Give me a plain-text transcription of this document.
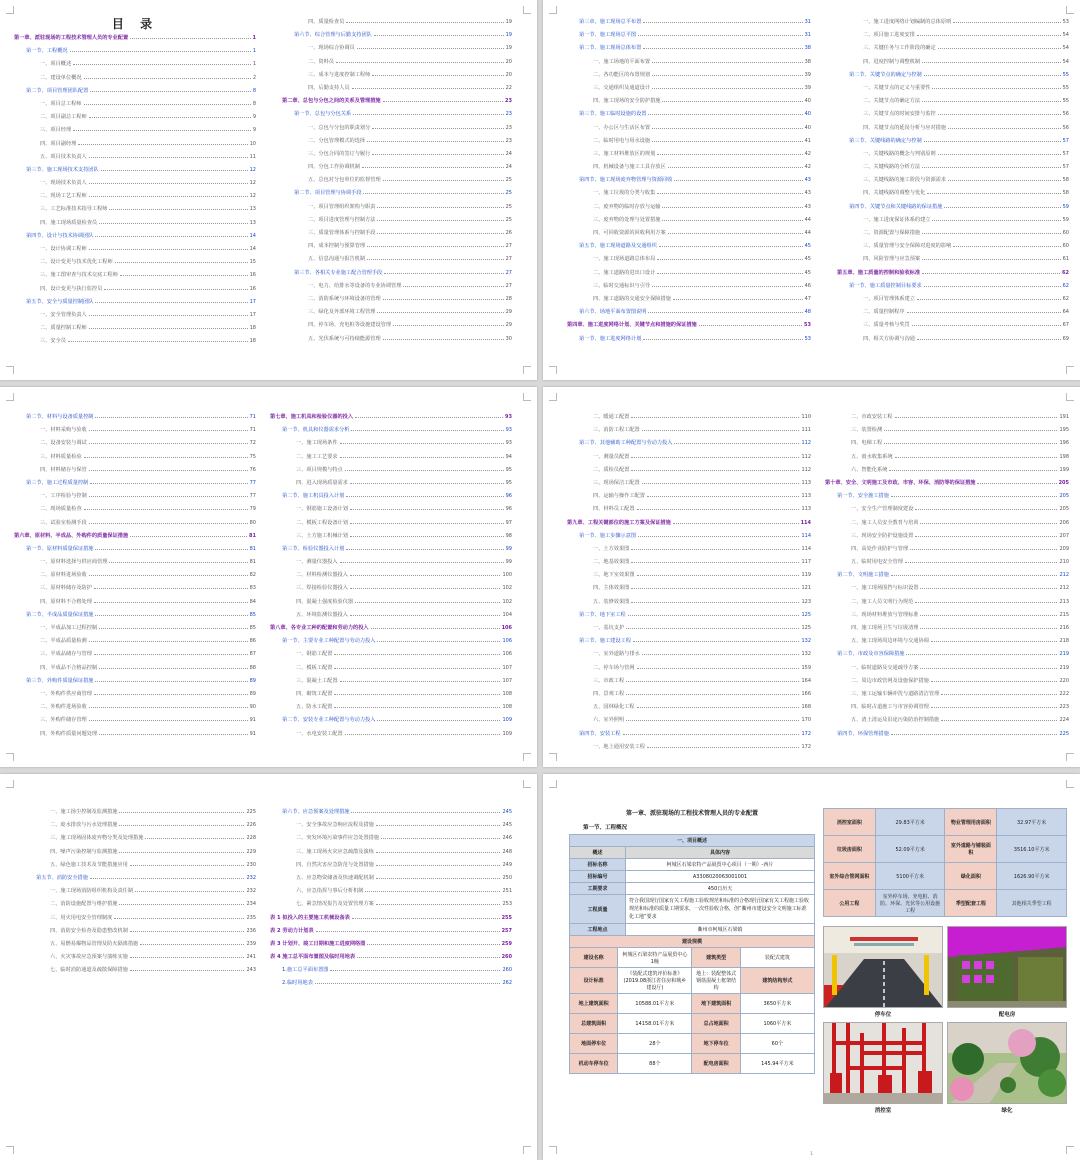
目 录
第一章、派驻现场的工程技术管理人员的专业配置	1
第一节、工程概况	1
一、项目概述	1
二、建设单位概况	2
第二节、项目管理团队配置	8
一、项目总工程师	8
二、项目副总工程师	9
三、项目经理	9
四、项目副经理	10
五、项目技术负责人	11
第三节、施工现场技术支持团队	12
一、现场技术负责人	12
二、现场工艺工程师	12
三、工艺标准技术指导工程师	13
四、施工现场质量检查员	13
第四节、设计与技术协调团队	14
一、设计协调工程师	14
二、设计变更与技术优化工程师	15
三、施工图审查与技术交底工程师	16
四、设计变更与执行监控员	16
第五节、安全与质量控制团队	17
一、安全管理负责人	17
二、质量控制工程师	18
三、安全员	18
四、质量检查员	19
第六节、综合管理与后勤支持团队	19
一、现场综合协调员	19
二、资料员	20
三、成本与进度控制工程师	20
四、后勤支持人员	22
第二章、总包与分包之间的关系及管理措施	23
第一节、总包与分包关系	23
一、总包与分包的职责划分	23
二、分包管理模式的选择	23
三、分包合同的签订与履行	24
四、分包工作协调机制	24
五、总包对分包单位的监督管理	25
第二节、项目管理与协调手段	25
一、项目管理组织架构与职责	25
二、项目进度管理与控制方法	25
三、质量管理体系与控制手段	26
四、成本控制与预算管理	27
五、信息沟通与报告机制	27
第三节、各相关专业施工配合管理手段	27
一、电力、给排水等设备的专业协调管理	27
二、消防系统与环境设备的管理	28
三、绿化及外部环境工程管理	29
四、停车场、充电桩等设施建设管理	29
五、光伏系统与可持续能源管理	30
第三章、施工现场总平布置	31
第一节、施工现场总平图	31
第二节、施工现场总体布置	38
一、施工场地的平面布置	38
二、各功能区的布置规划	39
三、交通组织及通道设计	39
四、施工现场的安全防护措施	40
第三节、施工临时设施的设置	40
一、办公区与生活区布置	40
二、临时用电与用水设施	41
三、施工材料堆放区的规划	42
四、机械设备与施工工具存放区	42
第四节、施工现场废弃物管理与资源回收	43
一、施工垃圾的分类与收集	43
二、废弃物的临时存放与运输	43
三、废弃物的处理与处置措施	44
四、可回收资源的回收利用方案	44
第五节、施工现场道路及交通组织	45
一、施工现场道路总体布局	45
二、施工道路的进出口设计	45
三、临时交通标识与引导	46
四、施工道路的交通安全保障措施	47
第六节、场地平面布置图说明	48
第四章、施工进度网络计划、关键节点和措施的保证措施	53
第一节、施工进度网络计划	53
一、施工进度网络计划编制的总体原则	53
二、项目施工进度安排	54
三、关键任务与工作阶段的确定	54
四、进度控制与调整机制	54
第二节、关键节点的确定与控制	55
一、关键节点的定义与重要性	55
二、关键节点的确定方法	55
三、关键节点的时间安排与监控	56
四、关键节点的延误分析与应对措施	56
第三节、关键线路的确定与控制	57
一、关键线路的概念与判别原则	57
二、关键线路的分析方法	57
三、关键线路的施工阶段与资源需求	58
四、关键线路的调整与优化	58
第四节、关键节点和关键线路的保证措施	59
一、施工进度保证体系的建立	59
二、资源配置与保障措施	60
三、质量管理与安全保障对进度的影响	60
四、风险管理与应急预案	61
第五章、施工质量的控制和验收标准	62
第一节、施工质量控制目标要求	62
一、项目管理体系建立	62
二、质量控制程序	64
三、质量考核与奖罚	67
四、相关方协调与沟通	69
第二节、材料与设备质量控制	71
一、材料采购与验收	71
二、设备安装与调试	72
三、材料质量检验	75
四、材料储存与保管	76
第三节、施工过程质量控制	77
一、工序检验与控制	77
二、现场质量检查	79
三、试验室检测手段	80
第六章、原材料、半成品、外购件的质量保证措施	81
第一节、原材料质量保证措施	81
一、原材料选择与供应商管理	81
二、原材料进场验收	82
三、原材料储存及防护	83
四、原材料不合格处理	84
第二节、半成品质量保证措施	85
一、半成品加工过程控制	85
二、半成品质量检测	86
三、半成品储存与管理	87
四、半成品不合格品控制	88
第三节、外购件质量保证措施	89
一、外购件供应商管理	89
二、外购件进场验收	90
三、外购件储存管理	91
四、外购件质量问题处理	91
第七章、施工机具和检验仪器的投入	93
第一节、机具和仪器需求分析	93
一、施工现场条件	93
二、施工工艺要求	94
三、项目规模与特点	95
四、进入现场质量需求	95
第二节、施工机具投入计划	96
一、钢筋施工设备计划	96
二、模板工程设备计划	97
三、土方施工机械计划	98
第三节、检验仪器投入计划	99
一、测量仪器投入	99
二、材料检测仪器投入	100
三、焊接检验仪器投入	102
四、混凝土强度检验仪器	102
五、环境监测仪器投入	104
第八章、各专业工种的配置和劳动力的投入	106
第一节、主要专业工种配置与劳动力投入	106
一、钢筋工配置	106
二、模板工配置	107
三、混凝土工配置	107
四、砌筑工配置	108
五、防水工配置	108
第二节、安装专业工种配置与劳动力投入	109
一、水电安装工配置	109
二、暖通工配置	110
三、消防工程工配置	111
第三节、其他辅助工种配置与劳动力投入	112
一、测量员配置	112
二、质检员配置	112
三、现场保洁工配置	113
四、运输与操作工配置	113
四、材料员工配置	113
第九章、工程关键部位的施工方案及保证措施	114
第一节、施工步骤示意图	114
一、土方效果图	114
二、地基效果图	117
三、地下室效果图	119
四、主体效果图	121
五、装修效果图	123
第二节、地下室工程	125
一、基坑支护	125
第三节、施工建设工程	132
一、室外道路与排水	132
二、停车场与管网	159
三、市政工程	164
四、景观工程	166
五、园林绿化工程	168
六、室外照明	170
第四节、安装工程	172
一、地上通用安装工程	172
二、市政安装工程	191
三、装置检测	195
四、电梯工程	196
五、雨水收集系统	198
六、智能化系统	199
第十章、安全、文明施工及市政、市容、环保、消防等的保证措施	205
第一节、安全施工措施	205
一、安全生产管理制度建设	205
二、施工人员安全教育与培训	206
三、现场安全防护设施设置	207
四、高处作业防护与管理	209
五、临时用电安全管理	210
第二节、文明施工措施	212
一、施工现场围挡与标识设置	212
二、施工人员文明行为规范	213
三、现场材料堆放与管理标准	215
四、施工现场卫生与垃圾清理	216
五、施工现场周边环境与交通协调	218
第三节、市政及市容保障措施	219
一、临时道路及交通疏导方案	219
二、周边市政管网及设施保护措施	220
三、施工运输车辆冲洗与道路清洁管理	222
四、临时占道施工与市容协调管理	223
五、渣土清运及沿途污染防治控制措施	224
第四节、环保管理措施	225
一、施工扬尘控制及监测措施	225
二、废水排放与污水处理措施	226
三、施工现场固体废弃物分类及处理措施	228
四、噪声污染控制与监测措施	229
五、绿色施工技术及节能措施应用	230
第五节、消防安全措施	232
一、施工现场消防组织机构及责任制	232
二、消防设施配置与维护措施	234
三、用火用电安全管理制度	235
四、消防安全检查及隐患整改机制	236
五、易燃易爆物品管理及防火隔离措施	239
六、火灾事故应急预案与演练实施	241
七、临时消防通道及疏散保障措施	243
第六节、应急预案及处理措施	245
一、安全事故应急响应流程及措施	245
二、突发环境污染事件应急处置措施	246
三、施工现场火灾应急疏散及演练	248
四、自然灾害应急防范与处置措施	249
五、应急物资储备及快速调配机制	250
六、应急指挥与事后分析机制	251
七、紧急情况报告及处置管理方案	253
表 1 拟投入的主要施工机械设备表	255
表 2 劳动力计划表	257
表 3 计划开、竣工日期和施工进度网络图	259
表 4 施工总平面布置图及临时用地表	260
1.施工总平面布置图	260
2.临时用地表	262
第一章、派驻现场的工程技术管理人员的专业配置
第一节、工程概况
一、项目概述	
概述	具体内容
招标名称	柯城区石梁农特产品展贸中心项目（一期）-西片
招标编号	A3308020063001001
工期要求	450日历天
工程质量	符合我国现行国家有关工程施工验收规范和标准的合格现行国家有关工程施工验收规范和标准的质量工期要求，一次性验收合格，创“衢州市建设安全文明施工标准化工地”要求
工程地点	衢州市柯城区石梁镇
建设规模	
建设名称	柯城区石梁农特产品展贸中心1幢	建筑类型	装配式建筑
设计标准	《装配式建筑评价标准》(2019.08浙江省住房和城乡建设厅)	地上：装配整体式钢筋混凝土框架结构	建筑结构形式
地上建筑面积	10588.01平方米	地下建筑面积	3650平方米
总建筑面积	14158.01平方米	总占地面积	1060平方米
地面停车位	28个	地下停车位	60个
机动车停车位	88个	配电房面积	145.94平方米
消控室面积	29.83平方米	物业管理用房面积	32.97平方米
垃圾房面积	52.09平方米	室外道路与铺装面积	3516.10平方米
室外综合管网面积	5100平方米	绿化面积	1626.90平方米
公用工程	室外停车场、充电桩、消防、环保、光伏等公用设施工程	季型配套工程	其他相关季型工程
停车位	配电房
消控室	绿化
1
